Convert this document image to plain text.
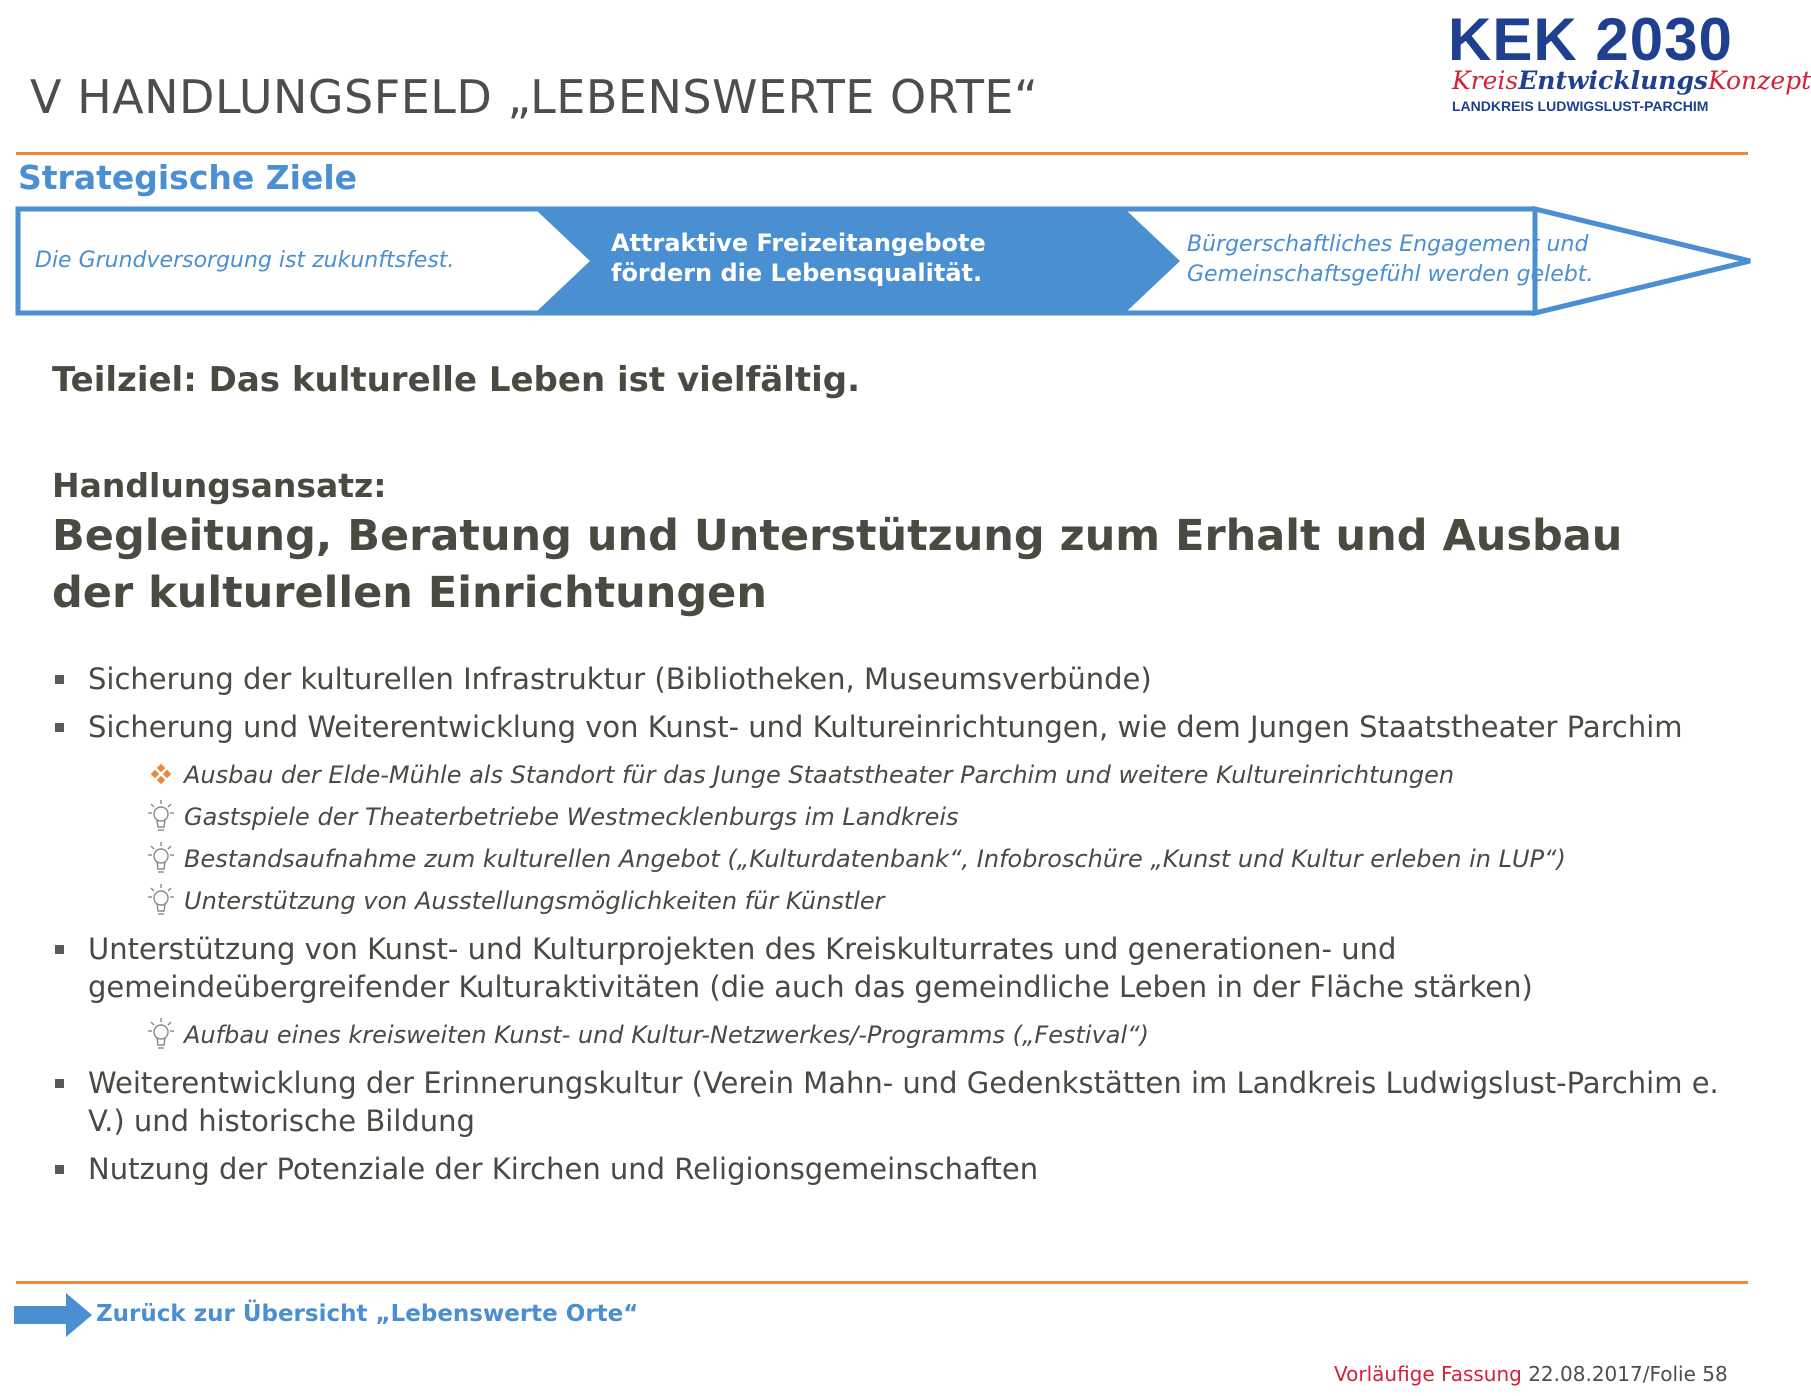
V HANDLUNGSFELD „LEBENSWERTE ORTE“
KEK 2030
KreisEntwicklungsKonzept
LANDKREIS LUDWIGSLUST-PARCHIM
Strategische Ziele
Die Grundversorgung ist zukunftsfest.
Attraktive Freizeitangebote
fördern die Lebensqualität.
Bürgerschaftliches Engagement und
Gemeinschaftsgefühl werden gelebt.
Teilziel: Das kulturelle Leben ist vielfältig.
Handlungsansatz:
Begleitung, Beratung und Unterstützung zum Erhalt und Ausbau der kulturellen Einrichtungen
Sicherung der kulturellen Infrastruktur (Bibliotheken, Museumsverbünde)
Sicherung und Weiterentwicklung von Kunst- und Kultureinrichtungen, wie dem Jungen Staatstheater Parchim
Ausbau der Elde-Mühle als Standort für das Junge Staatstheater Parchim und weitere Kultureinrichtungen
Gastspiele der Theaterbetriebe Westmecklenburgs im Landkreis
Bestandsaufnahme zum kulturellen Angebot („Kulturdatenbank“, Infobroschüre „Kunst und Kultur erleben in LUP“)
Unterstützung von Ausstellungsmöglichkeiten für Künstler
Unterstützung von Kunst- und Kulturprojekten des Kreiskulturrates und generationen- und gemeindeübergreifender Kulturaktivitäten (die auch das gemeindliche Leben in der Fläche stärken)
Aufbau eines kreisweiten Kunst- und Kultur-Netzwerkes/-Programms („Festival“)
Weiterentwicklung der Erinnerungskultur (Verein Mahn- und Gedenkstätten im Landkreis Ludwigslust-Parchim e. V.) und historische Bildung
Nutzung der Potenziale der Kirchen und Religionsgemeinschaften
Zurück zur Übersicht „Lebenswerte Orte“
Vorläufige Fassung 22.08.2017/Folie 58
